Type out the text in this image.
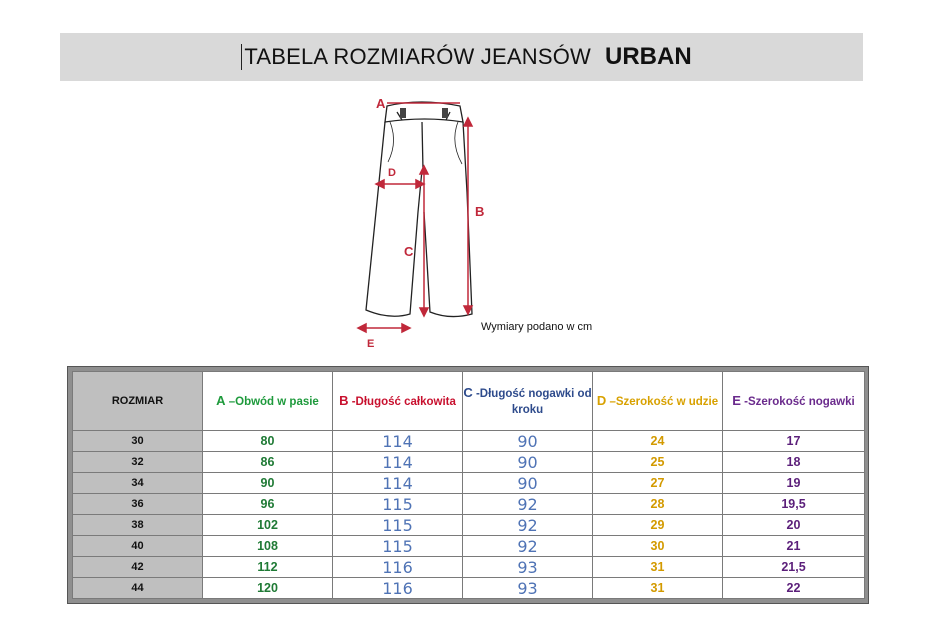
TABELA ROZMIARÓW JEANSÓW URBAN
A
B
C
D
E
Wymiary podano w cm
ROZMIAR	A –Obwód w pasie	B -Długość całkowita	C -Długość nogawki od kroku	D –Szerokość w udzie	E -Szerokość nogawki
30	80	114	90	24	17
32	86	114	90	25	18
34	90	114	90	27	19
36	96	115	92	28	19,5
38	102	115	92	29	20
40	108	115	92	30	21
42	112	116	93	31	21,5
44	120	116	93	31	22
